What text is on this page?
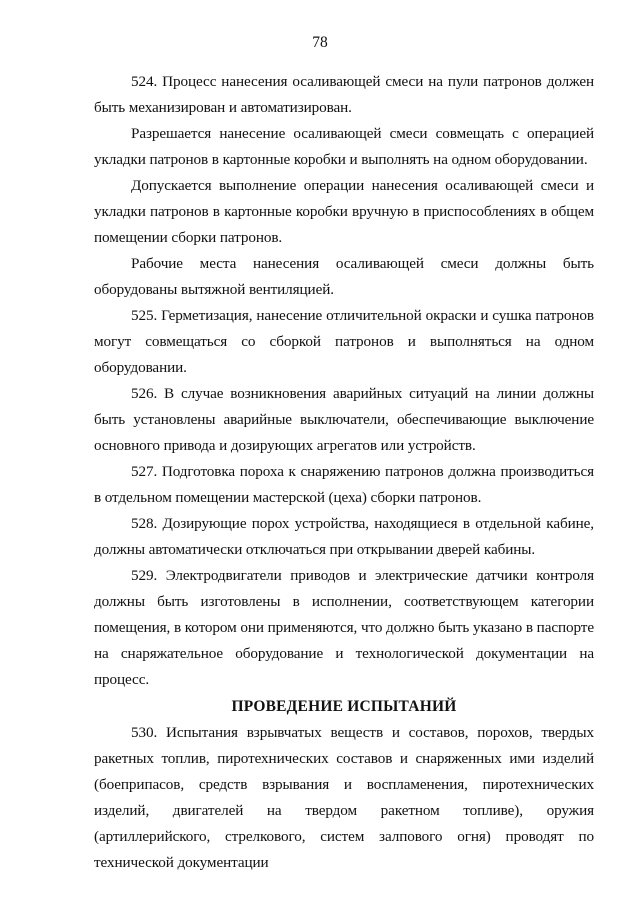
78

524. Процесс нанесения осаливающей смеси на пули патронов должен быть механизирован и автоматизирован.

Разрешается нанесение осаливающей смеси совмещать с операцией укладки патронов в картонные коробки и выполнять на одном оборудовании.

Допускается выполнение операции нанесения осаливающей смеси и укладки патронов в картонные коробки вручную в приспособлениях в общем помещении сборки патронов.

Рабочие места нанесения осаливающей смеси должны быть оборудованы вытяжной вентиляцией.

525. Герметизация, нанесение отличительной окраски и сушка патронов могут совмещаться со сборкой патронов и выполняться на одном оборудовании.

526. В случае возникновения аварийных ситуаций на линии должны быть установлены аварийные выключатели, обеспечивающие выключение основного привода и дозирующих агрегатов или устройств.

527. Подготовка пороха к снаряжению патронов должна производиться в отдельном помещении мастерской (цеха) сборки патронов.

528. Дозирующие порох устройства, находящиеся в отдельной кабине, должны автоматически отключаться при открывании дверей кабины.

529. Электродвигатели приводов и электрические датчики контроля должны быть изготовлены в исполнении, соответствующем категории помещения, в котором они применяются, что должно быть указано в паспорте на снаряжательное оборудование и технологической документации на процесс.

ПРОВЕДЕНИЕ ИСПЫТАНИЙ

530. Испытания взрывчатых веществ и составов, порохов, твердых ракетных топлив, пиротехнических составов и снаряженных ими изделий (боеприпасов, средств взрывания и воспламенения, пиротехнических изделий, двигателей на твердом ракетном топливе), оружия (артиллерийского, стрелкового, систем залпового огня) проводят по технической документации
